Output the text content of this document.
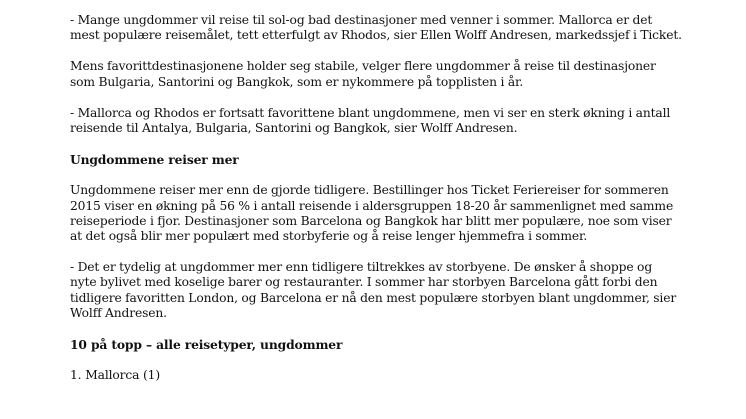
- Mange ungdommer vil reise til sol-og bad destinasjoner med venner i sommer. Mallorca er det
mest populære reisemålet, tett etterfulgt av Rhodos, sier Ellen Wolff Andresen, markedssjef i Ticket.

Mens favorittdestinasjonene holder seg stabile, velger flere ungdommer å reise til destinasjoner
som Bulgaria, Santorini og Bangkok, som er nykommere på topplisten i år.

- Mallorca og Rhodos er fortsatt favorittene blant ungdommene, men vi ser en sterk økning i antall
reisende til Antalya, Bulgaria, Santorini og Bangkok, sier Wolff Andresen.

Ungdommene reiser mer

Ungdommene reiser mer enn de gjorde tidligere. Bestillinger hos Ticket Feriereiser for sommeren
2015 viser en økning på 56 % i antall reisende i aldersgruppen 18-20 år sammenlignet med samme
reiseperiode i fjor. Destinasjoner som Barcelona og Bangkok har blitt mer populære, noe som viser
at det også blir mer populært med storbyferie og å reise lenger hjemmefra i sommer.

- Det er tydelig at ungdommer mer enn tidligere tiltrekkes av storbyene. De ønsker å shoppe og
nyte bylivet med koselige barer og restauranter. I sommer har storbyen Barcelona gått forbi den
tidligere favoritten London, og Barcelona er nå den mest populære storbyen blant ungdommer, sier
Wolff Andresen.

10 på topp – alle reisetyper, ungdommer
1. Mallorca (1)
